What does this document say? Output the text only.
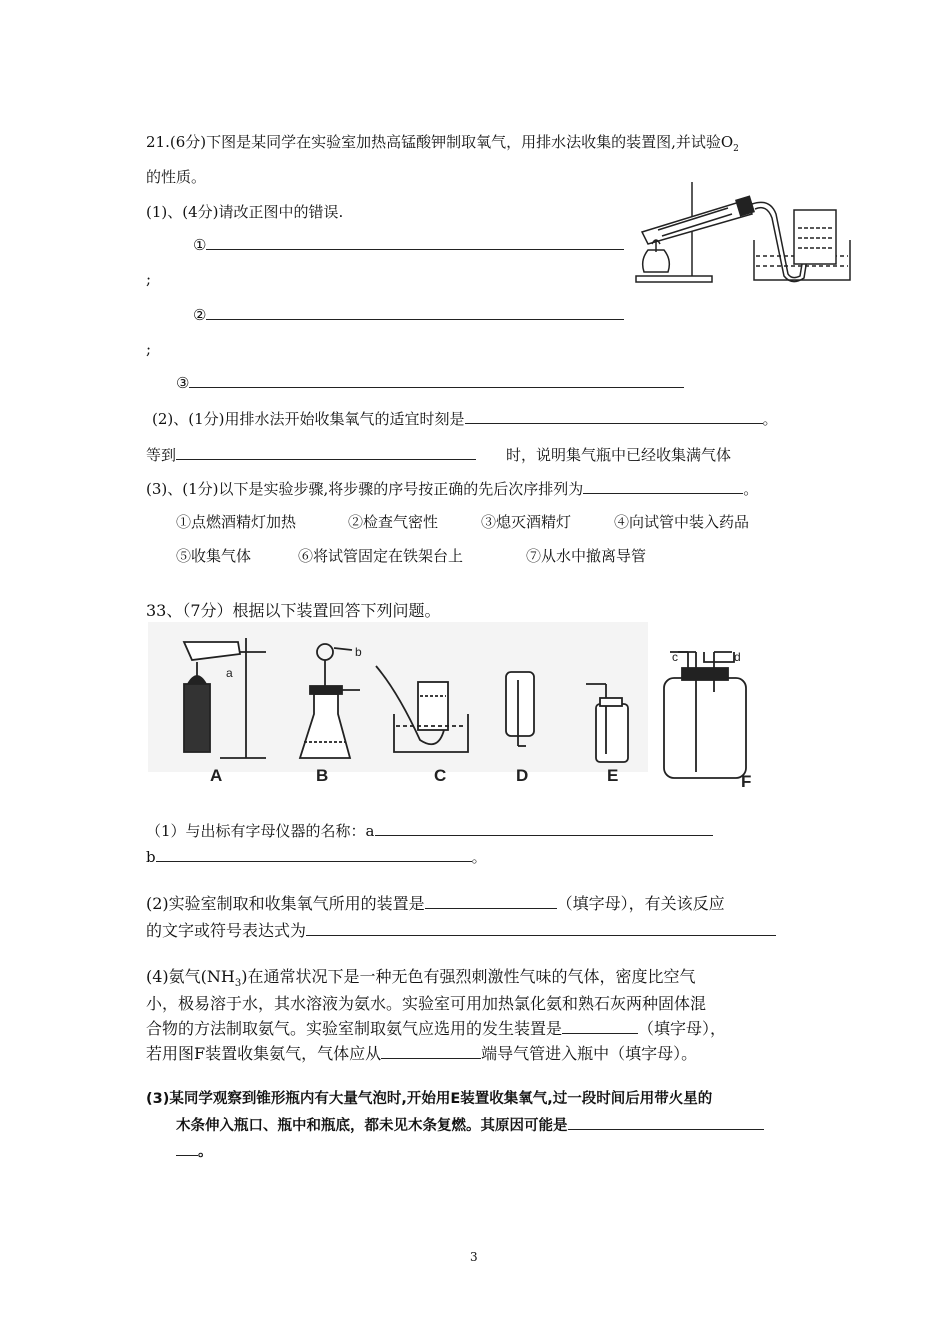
21.(6分)下图是某同学在实验室加热高锰酸钾制取氧气，用排水法收集的装置图,并试验$O_2$
的性质。
(1)、(4分)请改正图中的错误.
①
;
②
;
③
(2)、(1分)用排水法开始收集氧气的适宜时刻是	。
等到	时，说明集气瓶中已经收集满气体
(3)、(1分)以下是实验步骤,将步骤的序号按正确的先后次序排列为	。
①点燃酒精灯加热	②检查气密性	③熄灭酒精灯	④向试管中装入药品
⑤收集气体	⑥将试管固定在铁架台上	⑦从水中撤离导管
33、（7分）根据以下装置回答下列问题。
a
b	c	d
A	B	C	D	E	F
（1）与出标有字母仪器的名称：a
b	。
(2)实验室制取和收集氧气所用的装置是	（填字母），有关该反应
的文字或符号表达式为
(4)氨气$(NH_3)$在通常状况下是一种无色有强烈刺激性气味的气体，密度比空气
小，极易溶于水，其水溶液为氨水。实验室可用加热氯化氨和熟石灰两种固体混
合物的方法制取氨气。实验室制取氨气应选用的发生装置是	（填字母），
若用图F装置收集氨气，气体应从	端导气管进入瓶中（填字母）。
(3)某同学观察到锥形瓶内有大量气泡时,开始用E装置收集氧气,过一段时间后用带火星的
木条伸入瓶口、瓶中和瓶底，都未见木条复燃。其原因可能是
。
3
